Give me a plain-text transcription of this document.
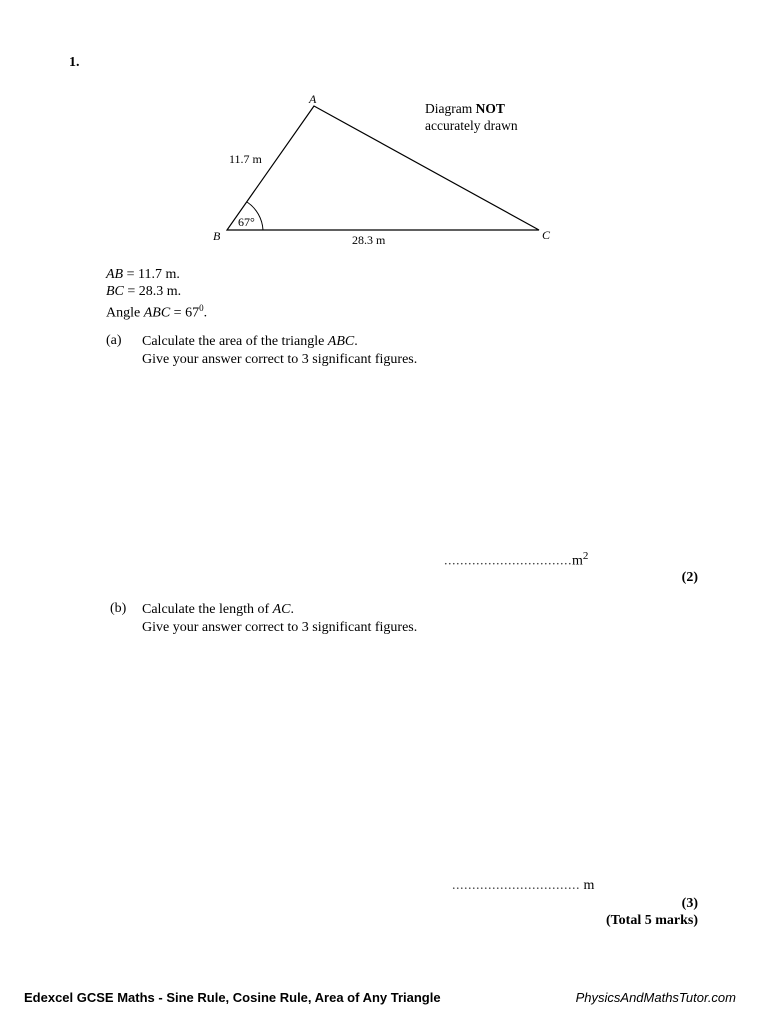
1.
A
B	C
11.7 m
28.3 m
67°
Diagram NOT
accurately drawn
AB = 11.7 m.
BC = 28.3 m.
Angle ABC = $67^0$.
(a) Calculate the area of the triangle ABC.
Give your answer correct to 3 significant figures.
$................................m^2$
(2)
(b) Calculate the length of AC.
Give your answer correct to 3 significant figures.
................................ m
(3)
(Total 5 marks)
Edexcel GCSE Maths - Sine Rule, Cosine Rule, Area of Any Triangle	PhysicsAndMathsTutor.com
